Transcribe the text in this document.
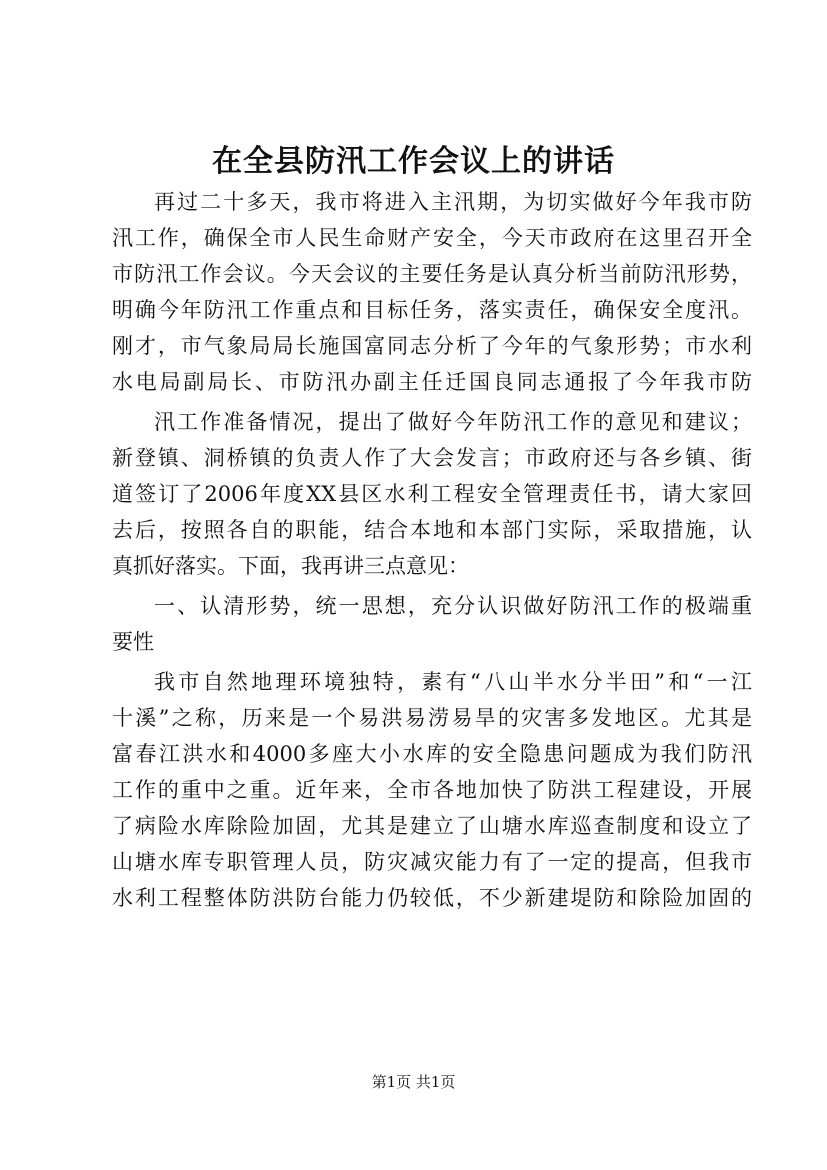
在全县防汛工作会议上的讲话

再过二十多天，我市将进入主汛期，为切实做好今年我市防

汛工作，确保全市人民生命财产安全，今天市政府在这里召开全

市防汛工作会议。今天会议的主要任务是认真分析当前防汛形势，

明确今年防汛工作重点和目标任务，落实责任，确保安全度汛。

刚才，市气象局局长施国富同志分析了今年的气象形势；市水利

水电局副局长、市防汛办副主任迁国良同志通报了今年我市防

汛工作准备情况，提出了做好今年防汛工作的意见和建议；

新登镇、洞桥镇的负责人作了大会发言；市政府还与各乡镇、街

道签订了2006年度XX县区水利工程安全管理责任书，请大家回

去后，按照各自的职能，结合本地和本部门实际，采取措施，认

真抓好落实。下面，我再讲三点意见：

一、认清形势，统一思想，充分认识做好防汛工作的极端重

要性

我市自然地理环境独特，素有“八山半水分半田”和“一江

十溪”之称，历来是一个易洪易涝易旱的灾害多发地区。尤其是

富春江洪水和4000多座大小水库的安全隐患问题成为我们防汛

工作的重中之重。近年来，全市各地加快了防洪工程建设，开展

了病险水库除险加固，尤其是建立了山塘水库巡查制度和设立了

山塘水库专职管理人员，防灾减灾能力有了一定的提高，但我市

水利工程整体防洪防台能力仍较低，不少新建堤防和除险加固的

第1页 共1页
